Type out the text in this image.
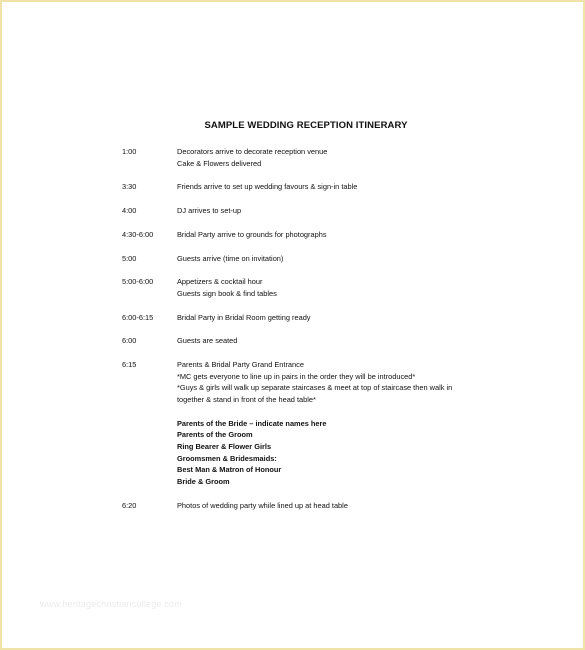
SAMPLE WEDDING RECEPTION ITINERARY
1:00	Decorators arrive to decorate reception venue
Cake & Flowers delivered
3:30	Friends arrive to set up wedding favours & sign-in table
4:00	DJ arrives to set-up
4:30-6:00	Bridal Party arrive to grounds for photographs
5:00	Guests arrive (time on invitation)
5:00-6:00	Appetizers & cocktail hour
Guests sign book & find tables
6:00-6:15	Bridal Party in Bridal Room getting ready
6:00	Guests are seated
6:15	Parents & Bridal Party Grand Entrance
*MC gets everyone to line up in pairs in the order they will be introduced*
*Guys & girls will walk up separate staircases & meet at top of staircase then walk in
together & stand in front of the head table*
Parents of the Bride – indicate names here
Parents of the Groom
Ring Bearer & Flower Girls
Groomsmen & Bridesmaids:
Best Man & Matron of Honour
Bride & Groom
6:20	Photos of wedding party while lined up at head table
www.heritagechristiancollege.com
